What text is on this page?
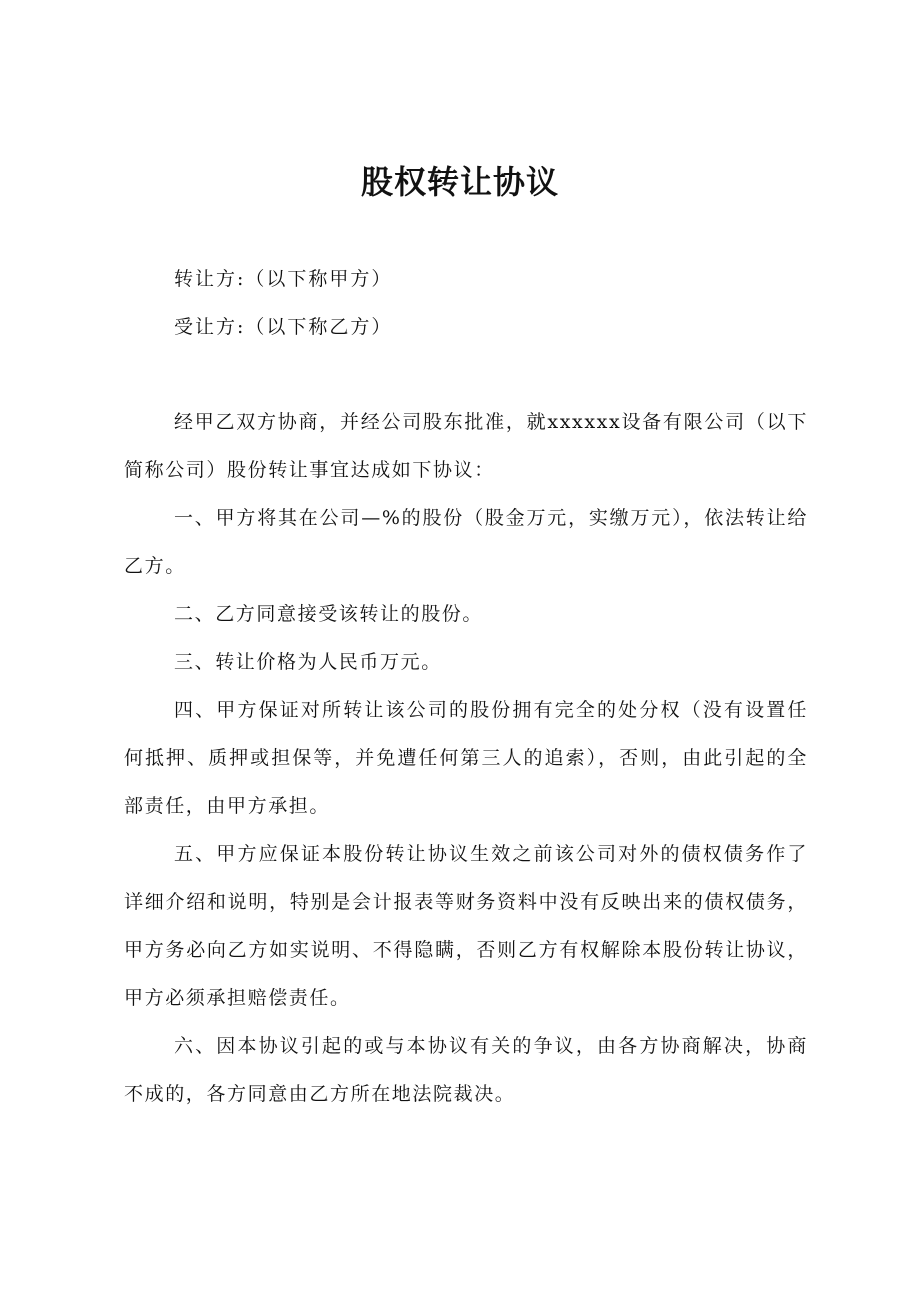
股权转让协议
转让方:（以下称甲方）
受让方:（以下称乙方）

经甲乙双方协商，并经公司股东批准，就xxxxxx设备有限公司（以下简称公司）股份转让事宜达成如下协议：

一、甲方将其在公司—%的股份（股金万元，实缴万元），依法转让给乙方。

二、乙方同意接受该转让的股份。

三、转让价格为人民币万元。

四、甲方保证对所转让该公司的股份拥有完全的处分权（没有设置任何抵押、质押或担保等，并免遭任何第三人的追索），否则，由此引起的全部责任，由甲方承担。

五、甲方应保证本股份转让协议生效之前该公司对外的债权债务作了详细介绍和说明，特别是会计报表等财务资料中没有反映出来的债权债务，甲方务必向乙方如实说明、不得隐瞒，否则乙方有权解除本股份转让协议，甲方必须承担赔偿责任。

六、因本协议引起的或与本协议有关的争议，由各方协商解决，协商不成的，各方同意由乙方所在地法院裁决。
